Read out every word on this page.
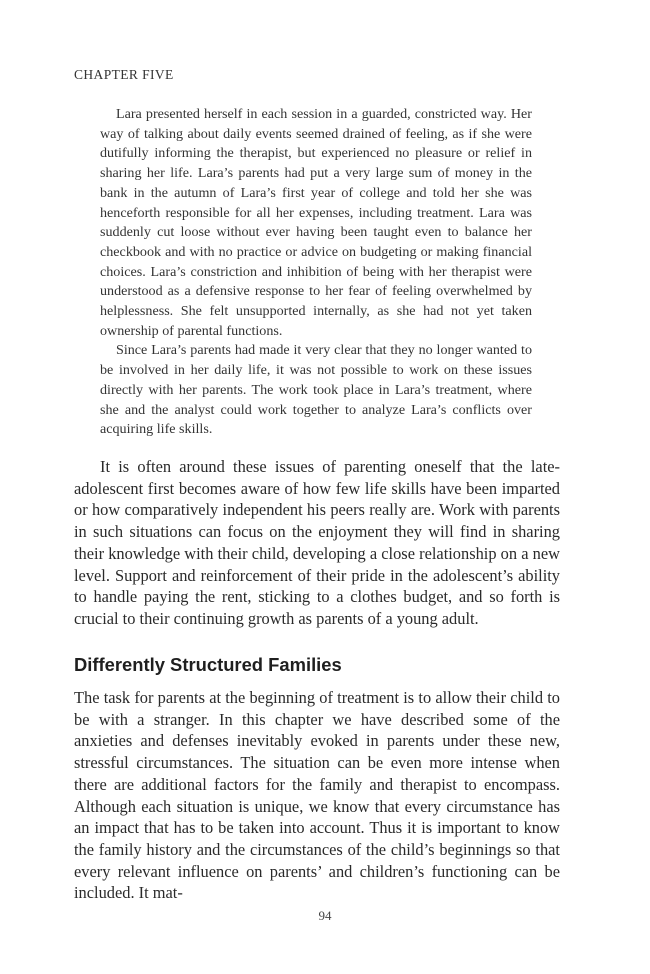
CHAPTER FIVE

Lara presented herself in each session in a guarded, constricted way. Her way of talking about daily events seemed drained of feeling, as if she were dutifully informing the therapist, but experienced no pleasure or relief in sharing her life. Lara’s parents had put a very large sum of money in the bank in the autumn of Lara’s first year of college and told her she was henceforth responsible for all her expenses, including treatment. Lara was suddenly cut loose without ever having been taught even to balance her checkbook and with no practice or advice on budgeting or making financial choices. Lara’s constriction and inhibition of being with her therapist were understood as a defensive response to her fear of feeling overwhelmed by helplessness. She felt unsupported internally, as she had not yet taken ownership of parental functions.

Since Lara’s parents had made it very clear that they no longer wanted to be involved in her daily life, it was not possible to work on these issues directly with her parents. The work took place in Lara’s treatment, where she and the analyst could work together to analyze Lara’s conflicts over acquiring life skills.

It is often around these issues of parenting oneself that the late-adolescent first becomes aware of how few life skills have been imparted or how comparatively independent his peers really are. Work with parents in such situations can focus on the enjoyment they will find in sharing their knowledge with their child, developing a close relationship on a new level. Support and reinforcement of their pride in the adolescent’s ability to handle paying the rent, sticking to a clothes budget, and so forth is crucial to their continuing growth as parents of a young adult.

Differently Structured Families

The task for parents at the beginning of treatment is to allow their child to be with a stranger. In this chapter we have described some of the anxieties and defenses inevitably evoked in parents under these new, stressful circumstances. The situation can be even more intense when there are additional factors for the family and therapist to encompass. Although each situation is unique, we know that every circumstance has an impact that has to be taken into account. Thus it is important to know the family history and the circumstances of the child’s beginnings so that every relevant influence on parents’ and children’s functioning can be included. It mat-

94
